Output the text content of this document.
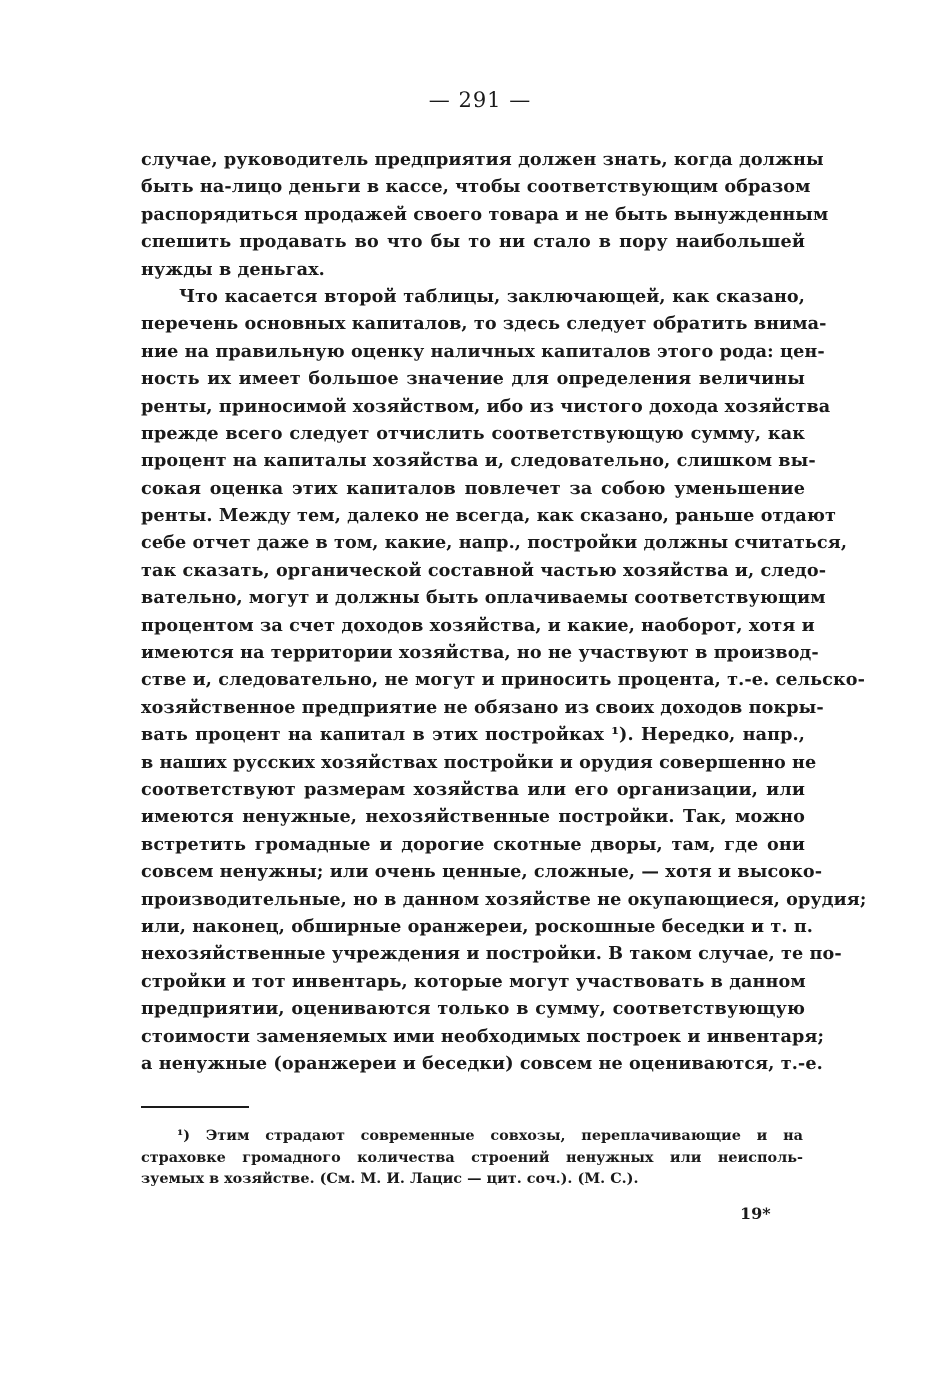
— 291 —
случае, руководитель предприятия должен знать, когда должны
быть на-лицо деньги в кассе, чтобы соответствующим образом
распорядиться продажей своего товара и не быть вынужденным
спешить продавать во что бы то ни стало в пору наибольшей
нужды в деньгах.
Что касается второй таблицы, заключающей, как сказано,
перечень основных капиталов, то здесь следует обратить внима-
ние на правильную оценку наличных капиталов этого рода: цен-
ность их имеет большое значение для определения величины
ренты, приносимой хозяйством, ибо из чистого дохода хозяйства
прежде всего следует отчислить соответствующую сумму, как
процент на капиталы хозяйства и, следовательно, слишком вы-
сокая оценка этих капиталов повлечет за собою уменьшение
ренты. Между тем, далеко не всегда, как сказано, раньше отдают
себе отчет даже в том, какие, напр., постройки должны считаться,
так сказать, органической составной частью хозяйства и, следо-
вательно, могут и должны быть оплачиваемы соответствующим
процентом за счет доходов хозяйства, и какие, наоборот, хотя и
имеются на территории хозяйства, но не участвуют в производ-
стве и, следовательно, не могут и приносить процента, т.-е. сельско-
хозяйственное предприятие не обязано из своих доходов покры-
вать процент на капитал в этих постройках ¹). Нередко, напр.,
в наших русских хозяйствах постройки и орудия совершенно не
соответствуют размерам хозяйства или его организации, или
имеются ненужные, нехозяйственные постройки. Так, можно
встретить громадные и дорогие скотные дворы, там, где они
совсем ненужны; или очень ценные, сложные, — хотя и высоко-
производительные, но в данном хозяйстве не окупающиеся, орудия;
или, наконец, обширные оранжереи, роскошные беседки и т. п.
нехозяйственные учреждения и постройки. В таком случае, те по-
стройки и тот инвентарь, которые могут участвовать в данном
предприятии, оцениваются только в сумму, соответствующую
стоимости заменяемых ими необходимых построек и инвентаря;
а ненужные (оранжереи и беседки) совсем не оцениваются, т.-е.
¹) Этим страдают современные совхозы, переплачивающие и на
страховке громадного количества строений ненужных или неисполь-
зуемых в хозяйстве. (См. М. И. Лацис — цит. соч.). (М. С.).
19*
